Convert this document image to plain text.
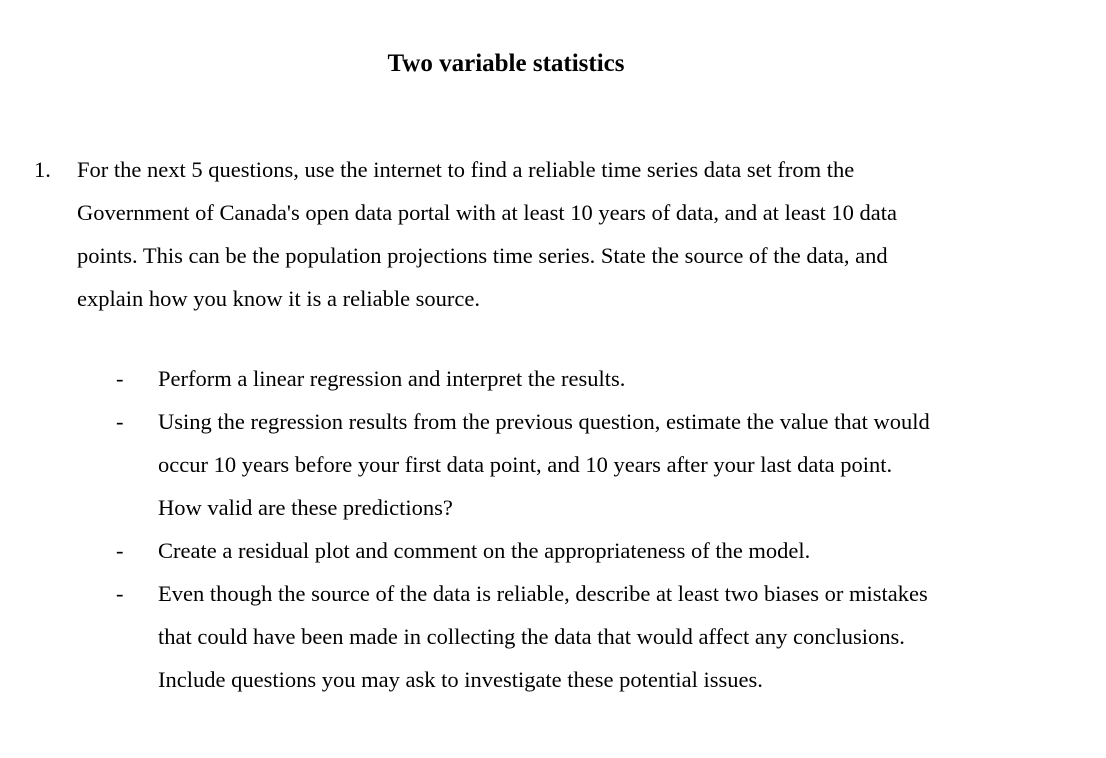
Two variable statistics
1. For the next 5 questions, use the internet to find a reliable time series data set from the
Government of Canada's open data portal with at least 10 years of data, and at least 10 data
points. This can be the population projections time series. State the source of the data, and
explain how you know it is a reliable source.

- Perform a linear regression and interpret the results.
- Using the regression results from the previous question, estimate the value that would
occur 10 years before your first data point, and 10 years after your last data point.
How valid are these predictions?
- Create a residual plot and comment on the appropriateness of the model.
- Even though the source of the data is reliable, describe at least two biases or mistakes
that could have been made in collecting the data that would affect any conclusions.
Include questions you may ask to investigate these potential issues.
